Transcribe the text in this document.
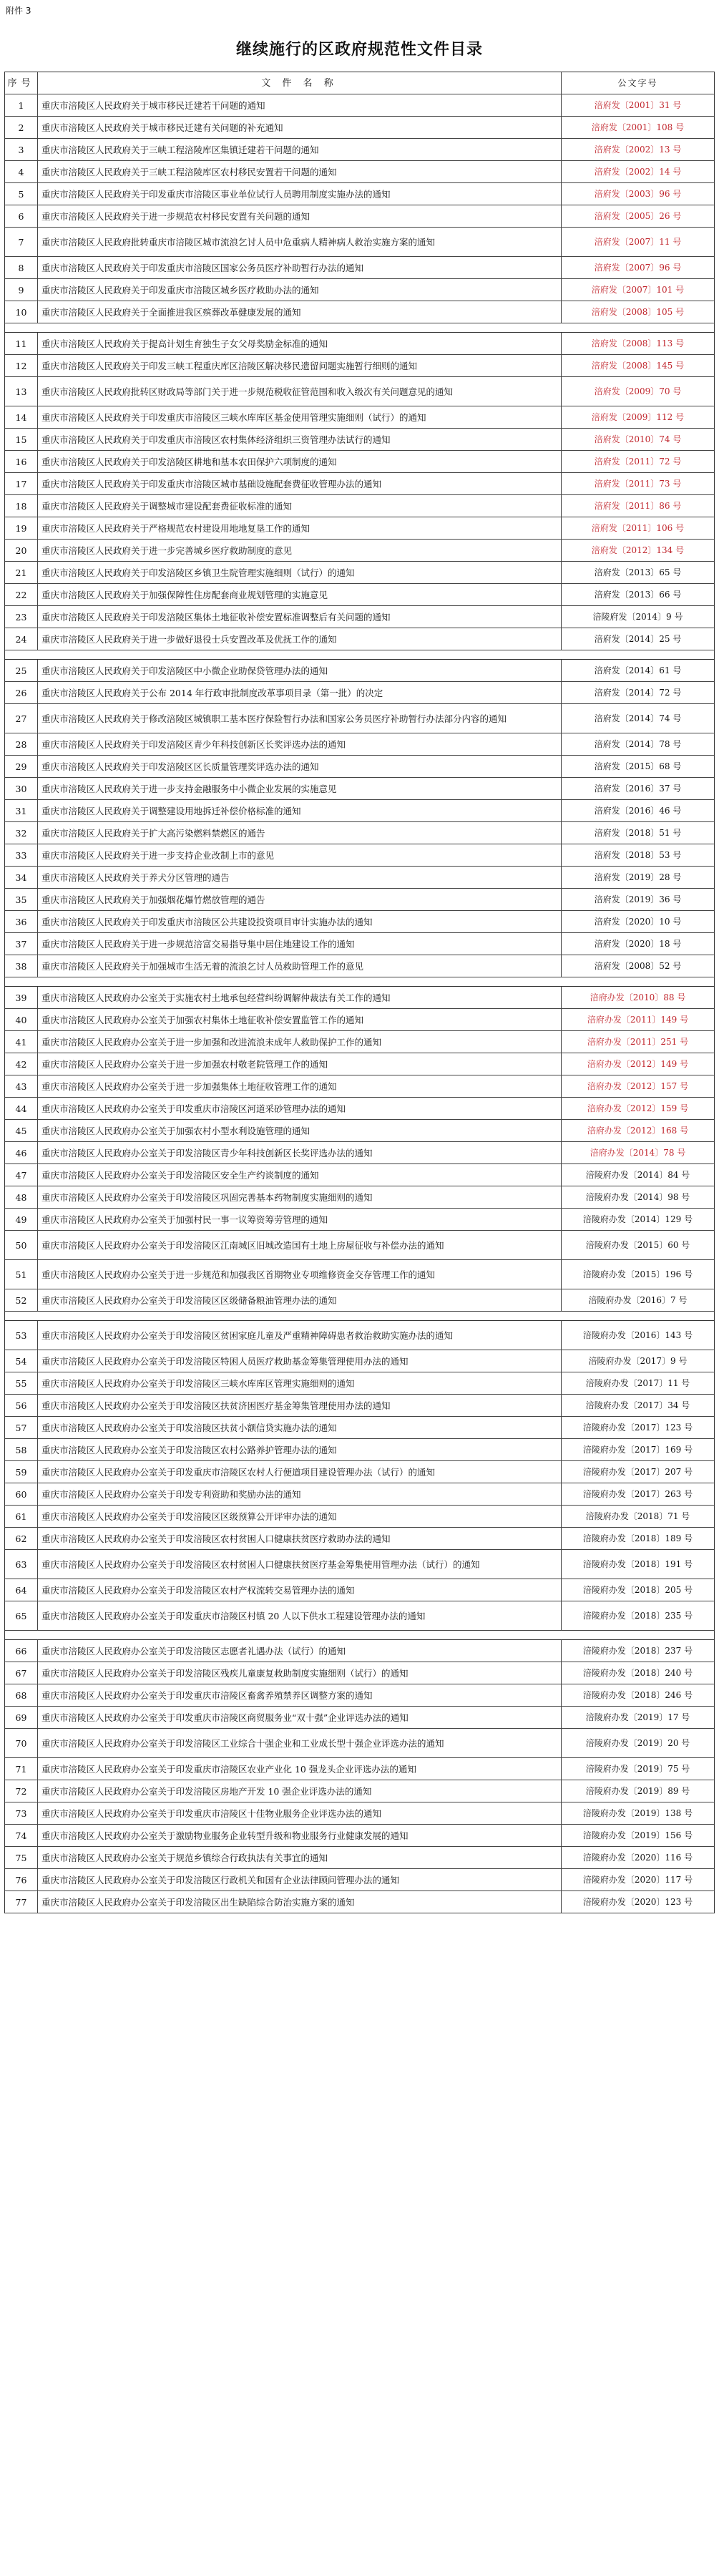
附件 3
继续施行的区政府规范性文件目录
序号	文 件 名 称	公文字号
1	重庆市涪陵区人民政府关于城市移民迁建若干问题的通知	涪府发〔2001〕31 号
2	重庆市涪陵区人民政府关于城市移民迁建有关问题的补充通知	涪府发〔2001〕108 号
3	重庆市涪陵区人民政府关于三峡工程涪陵库区集镇迁建若干问题的通知	涪府发〔2002〕13 号
4	重庆市涪陵区人民政府关于三峡工程涪陵库区农村移民安置若干问题的通知	涪府发〔2002〕14 号
5	重庆市涪陵区人民政府关于印发重庆市涪陵区事业单位试行人员聘用制度实施办法的通知	涪府发〔2003〕96 号
6	重庆市涪陵区人民政府关于进一步规范农村移民安置有关问题的通知	涪府发〔2005〕26 号
7	重庆市涪陵区人民政府批转重庆市涪陵区城市流浪乞讨人员中危重病人精神病人救治实施方案的通知	涪府发〔2007〕11 号
8	重庆市涪陵区人民政府关于印发重庆市涪陵区国家公务员医疗补助暂行办法的通知	涪府发〔2007〕96 号
9	重庆市涪陵区人民政府关于印发重庆市涪陵区城乡医疗救助办法的通知	涪府发〔2007〕101 号
10	重庆市涪陵区人民政府关于全面推进我区殡葬改革健康发展的通知	涪府发〔2008〕105 号
11	重庆市涪陵区人民政府关于提高计划生育独生子女父母奖励金标准的通知	涪府发〔2008〕113 号
12	重庆市涪陵区人民政府关于印发三峡工程重庆库区涪陵区解决移民遗留问题实施暂行细则的通知	涪府发〔2008〕145 号
13	重庆市涪陵区人民政府批转区财政局等部门关于进一步规范税收征管范围和收入级次有关问题意见的通知	涪府发〔2009〕70 号
14	重庆市涪陵区人民政府关于印发重庆市涪陵区三峡水库库区基金使用管理实施细则（试行）的通知	涪府发〔2009〕112 号
15	重庆市涪陵区人民政府关于印发重庆市涪陵区农村集体经济组织三资管理办法试行的通知	涪府发〔2010〕74 号
16	重庆市涪陵区人民政府关于印发涪陵区耕地和基本农田保护六项制度的通知	涪府发〔2011〕72 号
17	重庆市涪陵区人民政府关于印发重庆市涪陵区城市基础设施配套费征收管理办法的通知	涪府发〔2011〕73 号
18	重庆市涪陵区人民政府关于调整城市建设配套费征收标准的通知	涪府发〔2011〕86 号
19	重庆市涪陵区人民政府关于严格规范农村建设用地地复垦工作的通知	涪府发〔2011〕106 号
20	重庆市涪陵区人民政府关于进一步完善城乡医疗救助制度的意见	涪府发〔2012〕134 号
21	重庆市涪陵区人民政府关于印发涪陵区乡镇卫生院管理实施细则（试行）的通知	涪府发〔2013〕65 号
22	重庆市涪陵区人民政府关于加强保障性住房配套商业规划管理的实施意见	涪府发〔2013〕66 号
23	重庆市涪陵区人民政府关于印发涪陵区集体土地征收补偿安置标准调整后有关问题的通知	涪陵府发〔2014〕9 号
24	重庆市涪陵区人民政府关于进一步做好退役士兵安置改革及优抚工作的通知	涪府发〔2014〕25 号
25	重庆市涪陵区人民政府关于印发涪陵区中小微企业助保贷管理办法的通知	涪府发〔2014〕61 号
26	重庆市涪陵区人民政府关于公布 2014 年行政审批制度改革事项目录（第一批）的决定	涪府发〔2014〕72 号
27	重庆市涪陵区人民政府关于修改涪陵区城镇职工基本医疗保险暂行办法和国家公务员医疗补助暂行办法部分内容的通知	涪府发〔2014〕74 号
28	重庆市涪陵区人民政府关于印发涪陵区青少年科技创新区长奖评选办法的通知	涪府发〔2014〕78 号
29	重庆市涪陵区人民政府关于印发涪陵区区长质量管理奖评选办法的通知	涪府发〔2015〕68 号
30	重庆市涪陵区人民政府关于进一步支持金融服务中小微企业发展的实施意见	涪府发〔2016〕37 号
31	重庆市涪陵区人民政府关于调整建设用地拆迁补偿价格标准的通知	涪府发〔2016〕46 号
32	重庆市涪陵区人民政府关于扩大高污染燃料禁燃区的通告	涪府发〔2018〕51 号
33	重庆市涪陵区人民政府关于进一步支持企业改制上市的意见	涪府发〔2018〕53 号
34	重庆市涪陵区人民政府关于养犬分区管理的通告	涪府发〔2019〕28 号
35	重庆市涪陵区人民政府关于加强烟花爆竹燃放管理的通告	涪府发〔2019〕36 号
36	重庆市涪陵区人民政府关于印发重庆市涪陵区公共建设投资项目审计实施办法的通知	涪府发〔2020〕10 号
37	重庆市涪陵区人民政府关于进一步规范涪富交易指导集中居住地建设工作的通知	涪府发〔2020〕18 号
38	重庆市涪陵区人民政府关于加强城市生活无着的流浪乞讨人员救助管理工作的意见	涪府发〔2008〕52 号
39	重庆市涪陵区人民政府办公室关于实施农村土地承包经营纠纷调解仲裁法有关工作的通知	涪府办发〔2010〕88 号
40	重庆市涪陵区人民政府办公室关于加强农村集体土地征收补偿安置监管工作的通知	涪府办发〔2011〕149 号
41	重庆市涪陵区人民政府办公室关于进一步加强和改进流浪未成年人救助保护工作的通知	涪府办发〔2011〕251 号
42	重庆市涪陵区人民政府办公室关于进一步加强农村敬老院管理工作的通知	涪府办发〔2012〕149 号
43	重庆市涪陵区人民政府办公室关于进一步加强集体土地征收管理工作的通知	涪府办发〔2012〕157 号
44	重庆市涪陵区人民政府办公室关于印发重庆市涪陵区河道采砂管理办法的通知	涪府办发〔2012〕159 号
45	重庆市涪陵区人民政府办公室关于加强农村小型水利设施管理的通知	涪府办发〔2012〕168 号
46	重庆市涪陵区人民政府办公室关于印发涪陵区青少年科技创新区长奖评选办法的通知	涪府办发〔2014〕78 号
47	重庆市涪陵区人民政府办公室关于印发涪陵区安全生产约谈制度的通知	涪陵府办发〔2014〕84 号
48	重庆市涪陵区人民政府办公室关于印发涪陵区巩固完善基本药物制度实施细则的通知	涪陵府办发〔2014〕98 号
49	重庆市涪陵区人民政府办公室关于加强村民一事一议筹资筹劳管理的通知	涪陵府办发〔2014〕129 号
50	重庆市涪陵区人民政府办公室关于印发涪陵区江南城区旧城改造国有土地上房屋征收与补偿办法的通知	涪陵府办发〔2015〕60 号
51	重庆市涪陵区人民政府办公室关于进一步规范和加强我区首期物业专项维修资金交存管理工作的通知	涪陵府办发〔2015〕196 号
52	重庆市涪陵区人民政府办公室关于印发涪陵区区级储备粮油管理办法的通知	涪陵府办发〔2016〕7 号
53	重庆市涪陵区人民政府办公室关于印发涪陵区贫困家庭儿童及严重精神障碍患者救治救助实施办法的通知	涪陵府办发〔2016〕143 号
54	重庆市涪陵区人民政府办公室关于印发涪陵区特困人员医疗救助基金筹集管理使用办法的通知	涪陵府办发〔2017〕9 号
55	重庆市涪陵区人民政府办公室关于印发涪陵区三峡水库库区管理实施细则的通知	涪陵府办发〔2017〕11 号
56	重庆市涪陵区人民政府办公室关于印发涪陵区扶贫济困医疗基金筹集管理使用办法的通知	涪陵府办发〔2017〕34 号
57	重庆市涪陵区人民政府办公室关于印发涪陵区扶贫小额信贷实施办法的通知	涪陵府办发〔2017〕123 号
58	重庆市涪陵区人民政府办公室关于印发涪陵区农村公路养护管理办法的通知	涪陵府办发〔2017〕169 号
59	重庆市涪陵区人民政府办公室关于印发重庆市涪陵区农村人行便道项目建设管理办法（试行）的通知	涪陵府办发〔2017〕207 号
60	重庆市涪陵区人民政府办公室关于印发专利资助和奖励办法的通知	涪陵府办发〔2017〕263 号
61	重庆市涪陵区人民政府办公室关于印发涪陵区区级预算公开评审办法的通知	涪陵府办发〔2018〕71 号
62	重庆市涪陵区人民政府办公室关于印发涪陵区农村贫困人口健康扶贫医疗救助办法的通知	涪陵府办发〔2018〕189 号
63	重庆市涪陵区人民政府办公室关于印发涪陵区农村贫困人口健康扶贫医疗基金筹集使用管理办法（试行）的通知	涪陵府办发〔2018〕191 号
64	重庆市涪陵区人民政府办公室关于印发涪陵区农村产权流转交易管理办法的通知	涪陵府办发〔2018〕205 号
65	重庆市涪陵区人民政府办公室关于印发重庆市涪陵区村镇 20 人以下供水工程建设管理办法的通知	涪陵府办发〔2018〕235 号
66	重庆市涪陵区人民政府办公室关于印发涪陵区志愿者礼遇办法（试行）的通知	涪陵府办发〔2018〕237 号
67	重庆市涪陵区人民政府办公室关于印发涪陵区残疾儿童康复救助制度实施细则（试行）的通知	涪陵府办发〔2018〕240 号
68	重庆市涪陵区人民政府办公室关于印发重庆市涪陵区畜禽养殖禁养区调整方案的通知	涪陵府办发〔2018〕246 号
69	重庆市涪陵区人民政府办公室关于印发重庆市涪陵区商贸服务业“双十强”企业评选办法的通知	涪陵府办发〔2019〕17 号
70	重庆市涪陵区人民政府办公室关于印发涪陵区工业综合十强企业和工业成长型十强企业评选办法的通知	涪陵府办发〔2019〕20 号
71	重庆市涪陵区人民政府办公室关于印发重庆市涪陵区农业产业化 10 强龙头企业评选办法的通知	涪陵府办发〔2019〕75 号
72	重庆市涪陵区人民政府办公室关于印发涪陵区房地产开发 10 强企业评选办法的通知	涪陵府办发〔2019〕89 号
73	重庆市涪陵区人民政府办公室关于印发重庆市涪陵区十佳物业服务企业评选办法的通知	涪陵府办发〔2019〕138 号
74	重庆市涪陵区人民政府办公室关于激励物业服务企业转型升级和物业服务行业健康发展的通知	涪陵府办发〔2019〕156 号
75	重庆市涪陵区人民政府办公室关于规范乡镇综合行政执法有关事宜的通知	涪陵府办发〔2020〕116 号
76	重庆市涪陵区人民政府办公室关于印发涪陵区行政机关和国有企业法律顾问管理办法的通知	涪陵府办发〔2020〕117 号
77	重庆市涪陵区人民政府办公室关于印发涪陵区出生缺陷综合防治实施方案的通知	涪陵府办发〔2020〕123 号
